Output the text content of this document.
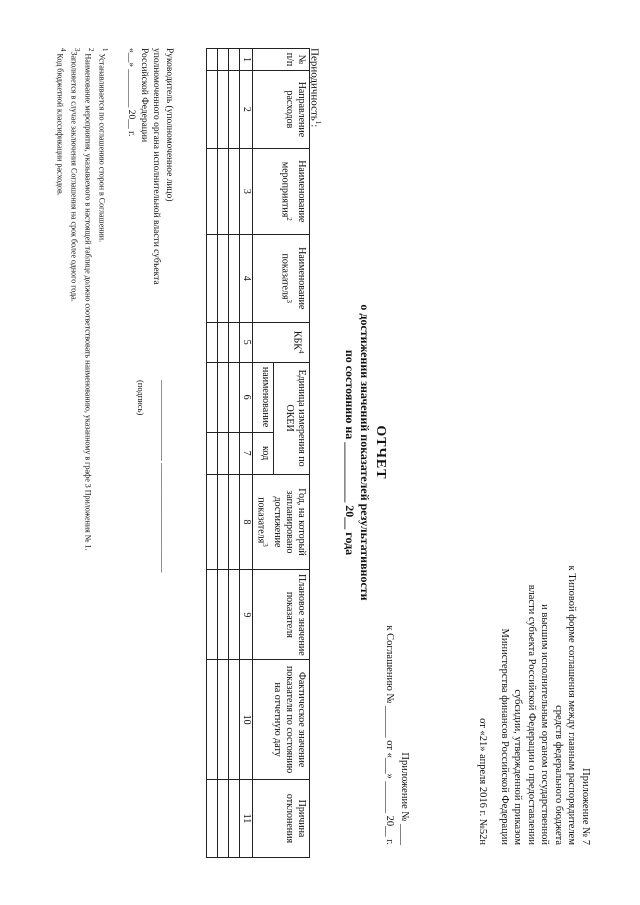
Приложение № 7
к Типовой форме соглашения между главным распорядителем
средств федерального бюджета
и высшим исполнительным органом государственной
власти субъекта Российской Федерации о предоставлении
субсидии, утвержденной приказом
Министерства финансов Российской Федерации
от «21» апреля 2016 г. №52н
Приложение № ____
к Соглашению № ______ от «___» ______ 20__ г.
ОТЧЕТ
о достижении значений показателей результативности
по состоянию на __________ 20__ года
Периодичность$^1$:
№ п/п	Направление расходов	Наименование мероприятия$^2$	Наименование показателя$^3$	КБК$^4$	Единица измерения по ОКЕИ		Год, на который запланировано достижение показателя$^3$	Плановое значение показателя	Фактическое значение показателя по состоянию на отчетную дату	Причина отклонения
					наименование	код				
1	2	3	4	5	6	7	8	9	10	11

Руководитель (уполномоченное лицо)
уполномоченного органа исполнительной власти субъекта
Российской Федерации
«__» ________ 20__ г.
_________________ _______________________
(подпись)
$^1$ Устанавливается по соглашению сторон в Соглашении.
$^2$ Наименование мероприятия, указываемого в настоящей таблице должно соответствовать наименованию, указанному в графе 3 Приложения № 1.
$^3$Заполняется в случае заключения Соглашения на срок более одного года.
$^4$ Код бюджетной классификации расходов.
